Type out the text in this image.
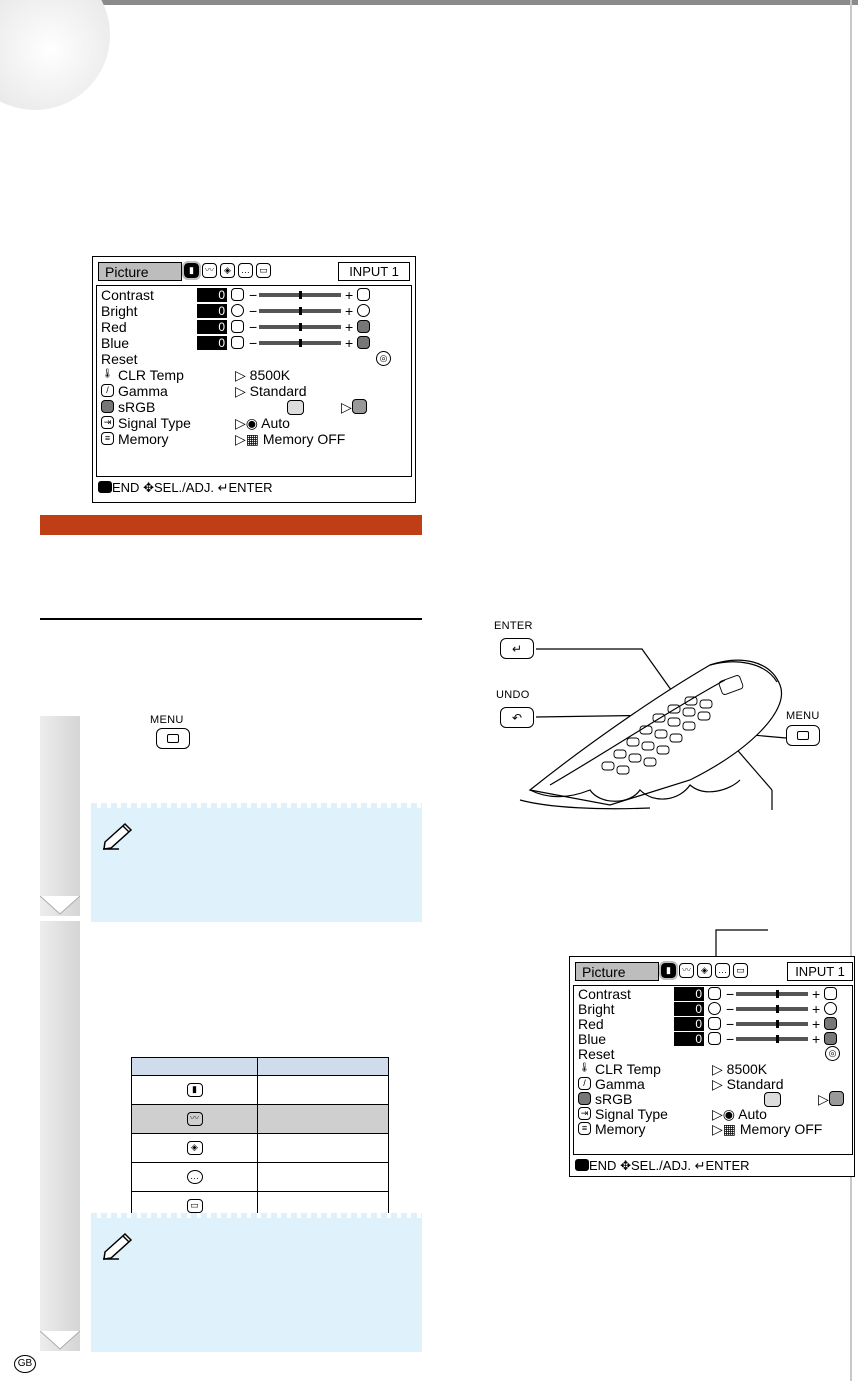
Picture	▮	〰	◈	…	▭	INPUT 1
Contrast	0 −	+
Bright	0 −	+
Red	0 −	+
Blue	0 −	+
Reset	◎
🌡 CLR Temp	▷ 8500K
/ Gamma	▷ Standard
sRGB	▷
⇥ Signal Type	▷◉ Auto
≡ Memory	▷▦ Memory OFF
END ✥SEL./ADJ. ↵ENTER
ENTER
↵
UNDO
↶	MENU
MENU

▮	
〰	
◈	
…	
▭	
Picture	▮	〰	◈	…	▭	INPUT 1
Contrast	0 −	+
Bright	0 −	+
Red	0 −	+
Blue	0 −	+
Reset	◎
🌡 CLR Temp	▷ 8500K
/ Gamma	▷ Standard
sRGB	▷
⇥ Signal Type	▷◉ Auto
≡ Memory	▷▦ Memory OFF
END ✥SEL./ADJ. ↵ENTER
GB
